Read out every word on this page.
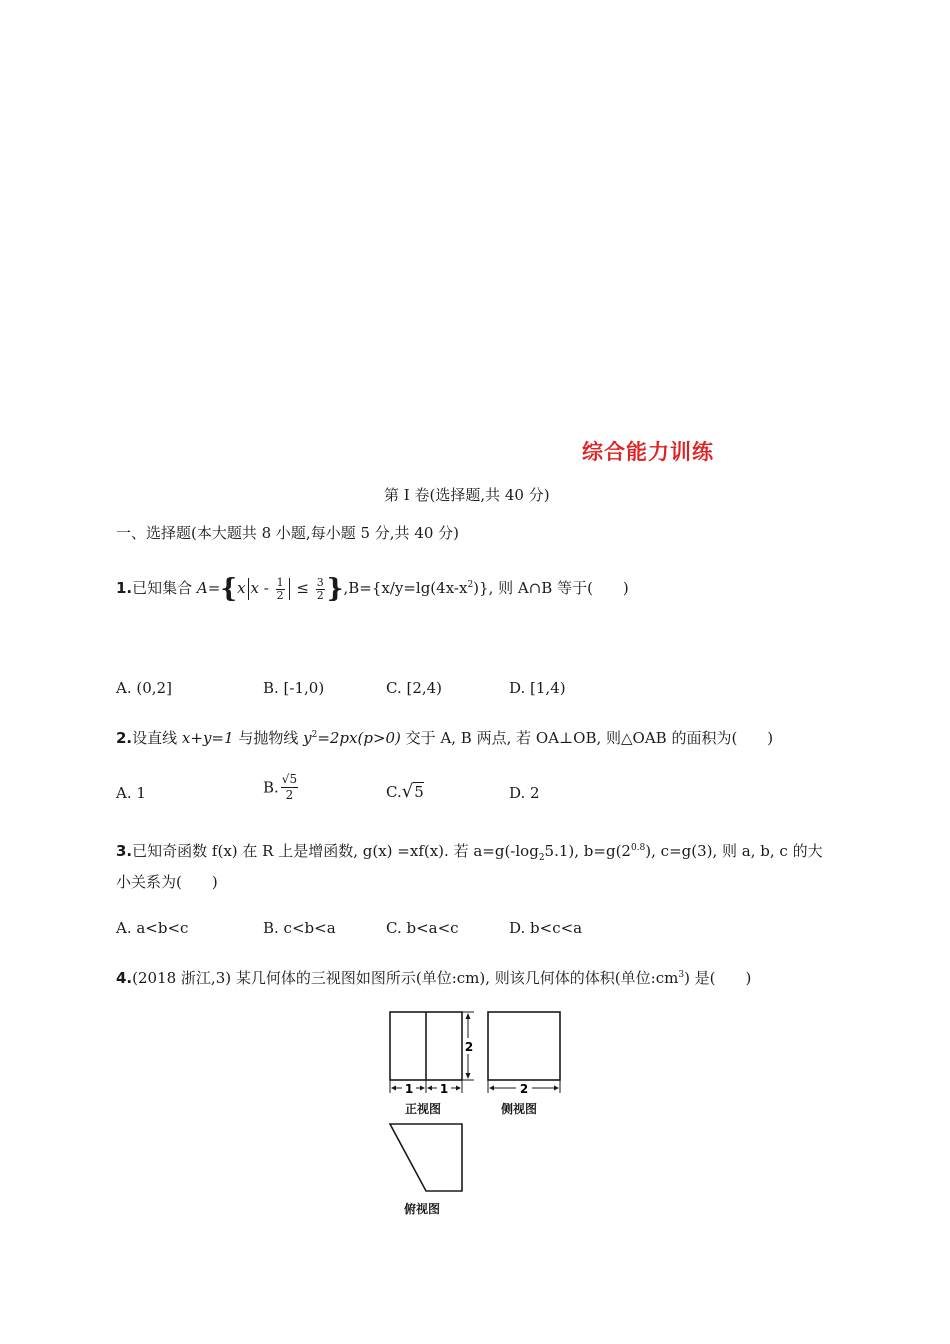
综合能力训练
第 I 卷(选择题,共 40 分)
一、选择题(本大题共 8 小题,每小题 5 分,共 40 分)
1.已知集合 A={x $x - \frac{1}{2} \le \frac{3}{2} \},B=\{x/y=\lg(4x-x^2)\}$, 则 A∩B 等于(　　)
A. (0,2]	B. [-1,0)	C. [2,4)	D. [1,4)
2.设直线 x+y=1 与抛物线 $y^2=2px(p>0)$ 交于 A, B 两点, 若 OA⊥OB, 则△OAB 的面积为(　　)
A. 1	B. $\frac{√5}{2}$	C.√5	D. 2
3.已知奇函数 f(x) 在 R 上是增函数, g(x) =xf(x). 若 $a=g(-\log_25.1)$, $b=g(2^{0.8})$, c=g(3), 则 a, b, c 的大
小关系为(　　)
A. a<b<c	B. c<b<a	C. b<a<c	D. b<c<a
4.(2018 浙江,3) 某几何体的三视图如图所示(单位:cm), 则该几何体的体积(单位$:cm^3$) 是(　　)
1 1
2
2
正视图	侧视图
俯视图
